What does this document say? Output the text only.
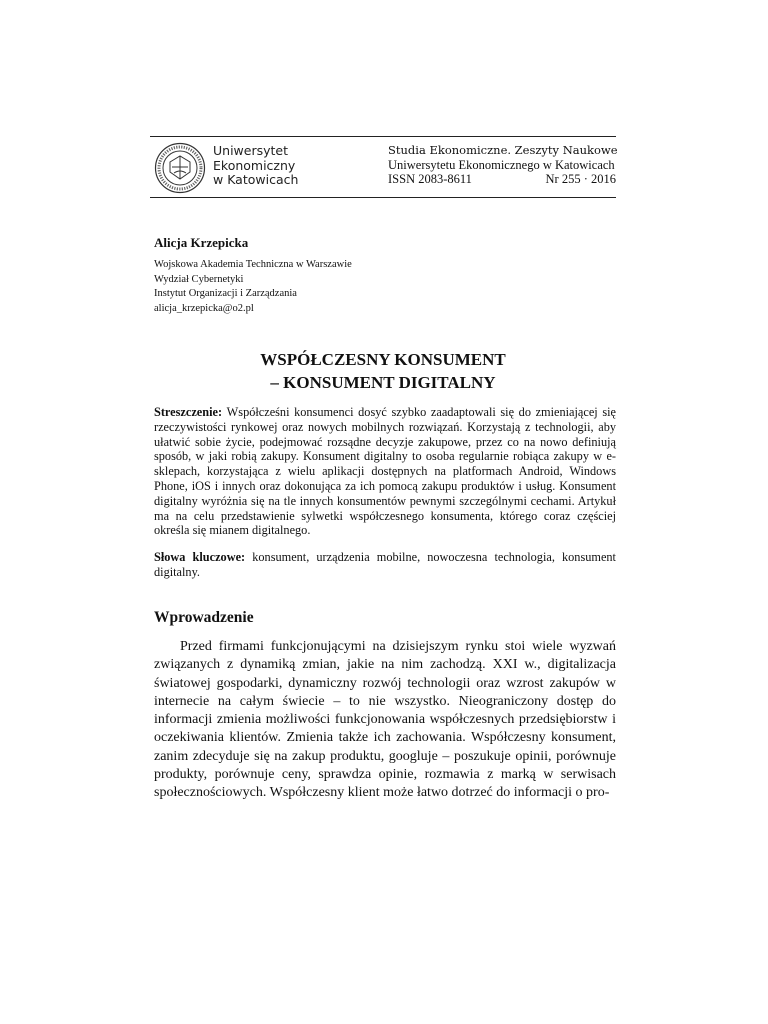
Uniwersytet
Ekonomiczny
w Katowicach
Studia Ekonomiczne. Zeszyty Naukowe
Uniwersytetu Ekonomicznego w Katowicach
ISSN 2083-8611	Nr 255 · 2016
Alicja Krzepicka
Wojskowa Akademia Techniczna w Warszawie
Wydział Cybernetyki
Instytut Organizacji i Zarządzania
alicja_krzepicka@o2.pl
WSPÓŁCZESNY KONSUMENT
– KONSUMENT DIGITALNY
Streszczenie: Współcześni konsumenci dosyć szybko zaadaptowali się do zmieniającej się rzeczywistości rynkowej oraz nowych mobilnych rozwiązań. Korzystają z technologii, aby ułatwić sobie życie, podejmować rozsądne decyzje zakupowe, przez co na nowo definiują sposób, w jaki robią zakupy. Konsument digitalny to osoba regularnie robiąca zakupy w e-sklepach, korzystająca z wielu aplikacji dostępnych na platformach Android, Windows Phone, iOS i innych oraz dokonująca za ich pomocą zakupu produktów i usług. Konsument digitalny wyróżnia się na tle innych konsumentów pewnymi szczególnymi cechami. Artykuł ma na celu przedstawienie sylwetki współczesnego konsumenta, którego coraz częściej określa się mianem digitalnego.
Słowa kluczowe: konsument, urządzenia mobilne, nowoczesna technologia, konsument digitalny.
Wprowadzenie
Przed firmami funkcjonującymi na dzisiejszym rynku stoi wiele wyzwań związanych z dynamiką zmian, jakie na nim zachodzą. XXI w., digitalizacja światowej gospodarki, dynamiczny rozwój technologii oraz wzrost zakupów w internecie na całym świecie – to nie wszystko. Nieograniczony dostęp do informacji zmienia możliwości funkcjonowania współczesnych przedsiębiorstw i oczekiwania klientów. Zmienia także ich zachowania. Współczesny konsument, zanim zdecyduje się na zakup produktu, googluje – poszukuje opinii, porównuje produkty, porównuje ceny, sprawdza opinie, rozmawia z marką w serwisach społecznościowych. Współczesny klient może łatwo dotrzeć do informacji o pro-
